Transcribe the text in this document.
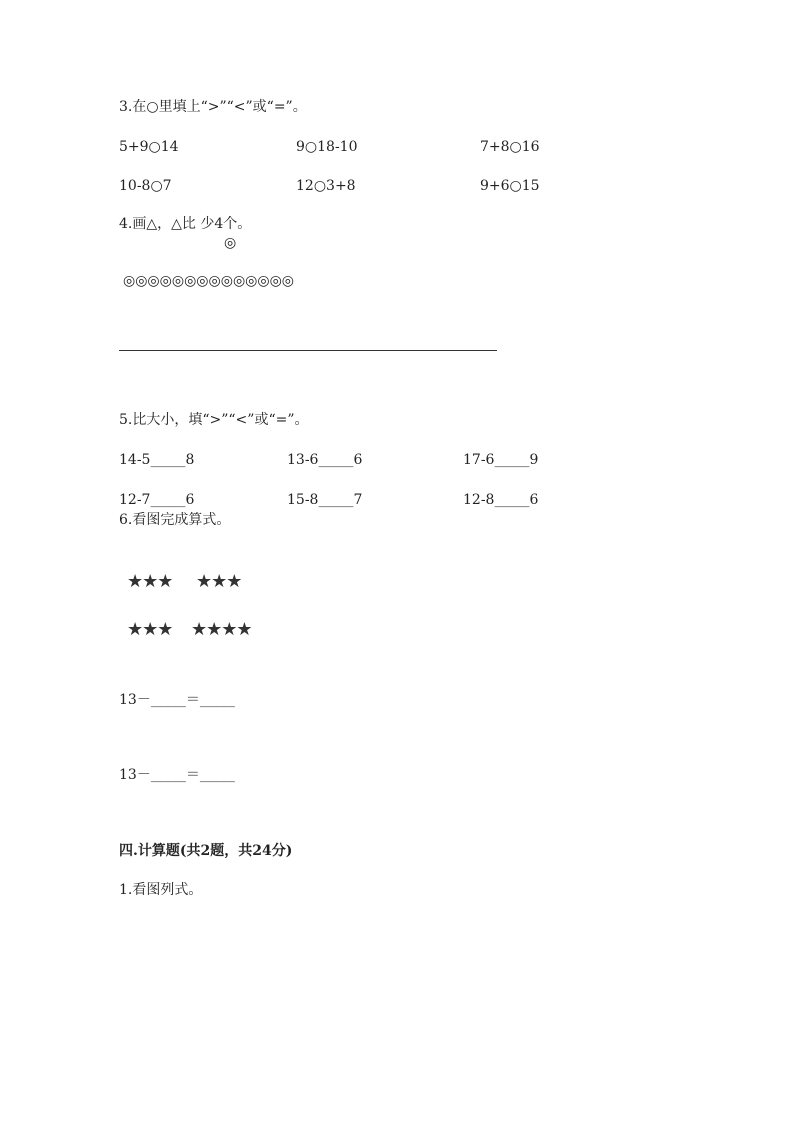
3.在○里填上“>”“<”或“=”。
5+9○14	9○18-10	7+8○16
10-8○7	12○3+8	9+6○15
4.画△，△比 少4个。
◎
◎◎◎◎◎◎◎◎◎◎◎◎◎◎
5.比大小，填“>”“<”或“=”。
14-5_____8	13-6_____6	17-6_____9
12-7_____6	15-8_____7	12-8_____6
6.看图完成算式。
★★★ ★★★
★★★ ★★★★
13－_____＝_____
13－_____＝_____
四.计算题(共2题，共24分)
1.看图列式。
